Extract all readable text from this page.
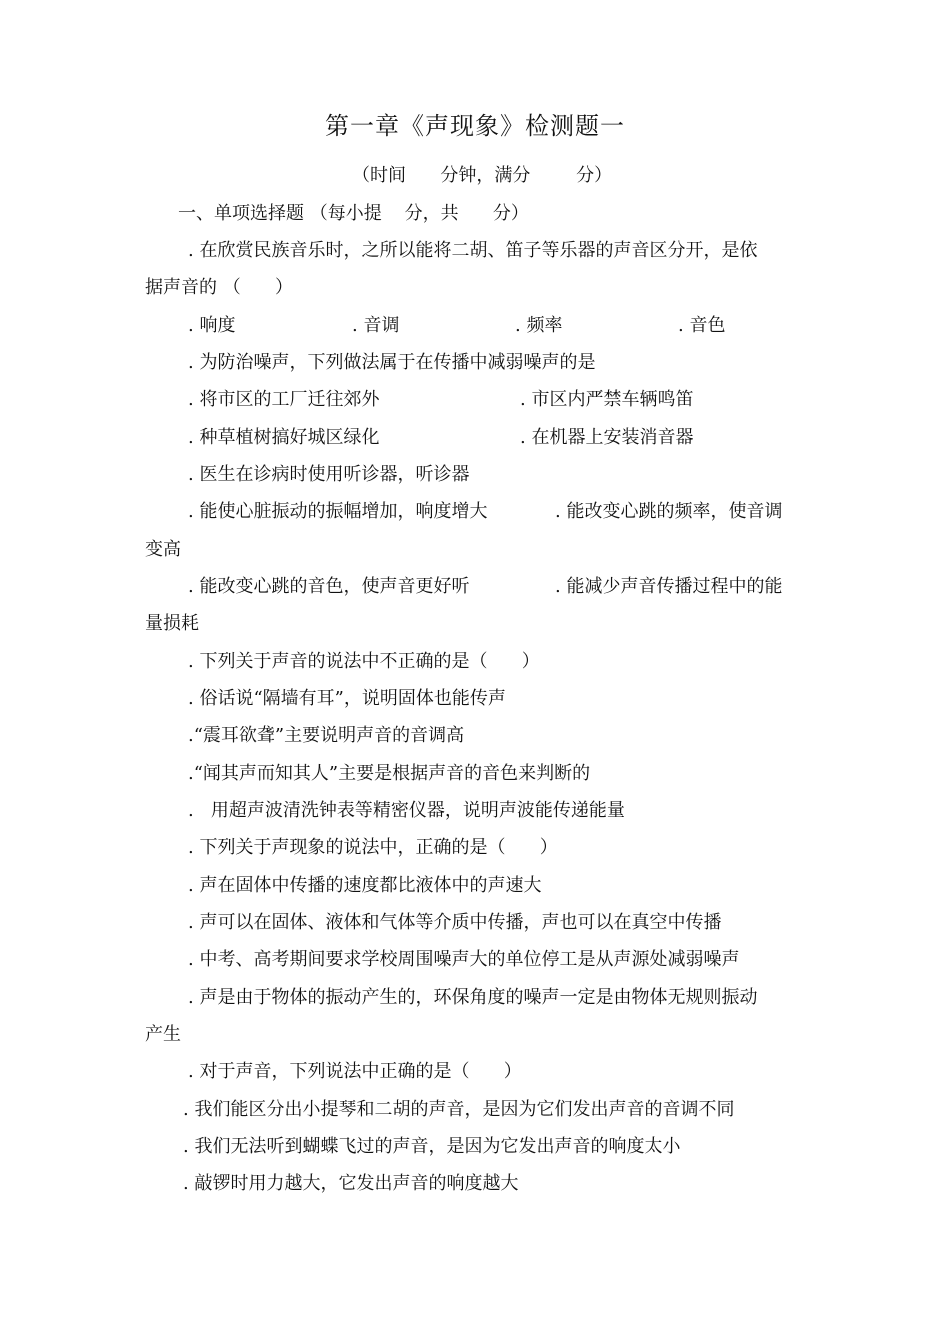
第一章《声现象》检测题一
（时间      分钟，满分        分）
一、单项选择题 （每小提    分，共      分）
. 在欣赏民族音乐时，之所以能将二胡、笛子等乐器的声音区分开，是依
据声音的 （      ）
. 响度	. 音调	. 频率	. 音色
. 为防治噪声，下列做法属于在传播中减弱噪声的是
. 将市区的工厂迁往郊外	. 市区内严禁车辆鸣笛
. 种草植树搞好城区绿化	. 在机器上安装消音器
. 医生在诊病时使用听诊器，听诊器
. 能使心脏振动的振幅增加，响度增大	. 能改变心跳的频率，使音调
变高
. 能改变心跳的音色，使声音更好听	. 能减少声音传播过程中的能
量损耗
. 下列关于声音的说法中不正确的是（      ）
. 俗话说“隔墙有耳”，说明固体也能传声
.“震耳欲聋”主要说明声音的音调高
.“闻其声而知其人”主要是根据声音的音色来判断的
.   用超声波清洗钟表等精密仪器，说明声波能传递能量
. 下列关于声现象的说法中，正确的是（      ）
. 声在固体中传播的速度都比液体中的声速大
. 声可以在固体、液体和气体等介质中传播，声也可以在真空中传播
. 中考、高考期间要求学校周围噪声大的单位停工是从声源处减弱噪声
. 声是由于物体的振动产生的，环保角度的噪声一定是由物体无规则振动
产生
. 对于声音，下列说法中正确的是（      ）
. 我们能区分出小提琴和二胡的声音，是因为它们发出声音的音调不同
. 我们无法听到蝴蝶飞过的声音，是因为它发出声音的响度太小
. 敲锣时用力越大，它发出声音的响度越大
